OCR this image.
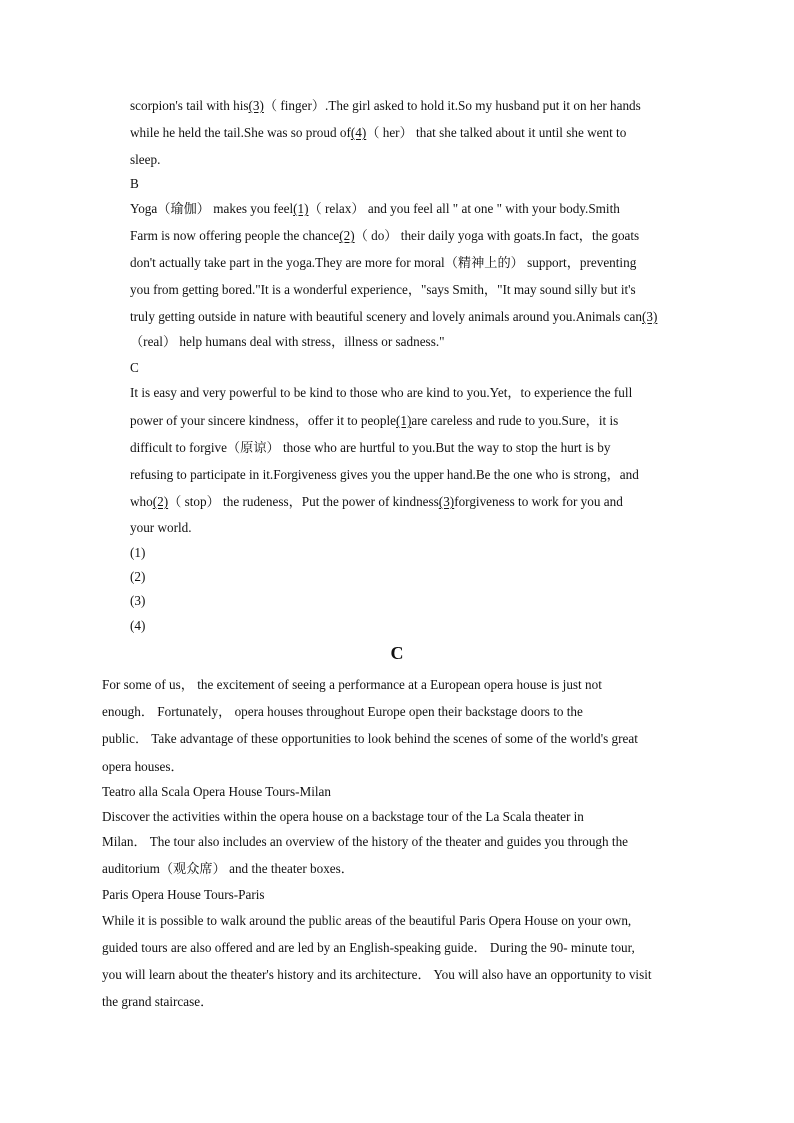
scorpion's tail with his(3)（ finger）.The girl asked to hold it.So my husband put it on her hands
while he held the tail.She was so proud of(4)（ her） that she talked about it until she went to
sleep.
B
Yoga（瑜伽） makes you feel(1)（ relax） and you feel all " at one " with your body.Smith
Farm is now offering people the chance(2)（ do） their daily yoga with goats.In fact，the goats
don't actually take part in the yoga.They are more for moral（精神上的） support，preventing
you from getting bored."It is a wonderful experience，"says Smith，"It may sound silly but it's
truly getting outside in nature with beautiful scenery and lovely animals around you.Animals can(3)
（real） help humans deal with stress，illness or sadness."
C
It is easy and very powerful to be kind to those who are kind to you.Yet，to experience the full
power of your sincere kindness，offer it to people(1)are careless and rude to you.Sure，it is
difficult to forgive（原谅） those who are hurtful to you.But the way to stop the hurt is by
refusing to participate in it.Forgiveness gives you the upper hand.Be the one who is strong，and
who(2)（ stop） the rudeness，Put the power of kindness(3)forgiveness to work for you and
your world.
(1)
(2)
(3)
(4)
C
For some of us， the excitement of seeing a performance at a European opera house is just not
enough． Fortunately， opera houses throughout Europe open their backstage doors to the
public． Take advantage of these opportunities to look behind the scenes of some of the world's great
opera houses．
Teatro alla Scala Opera House Tours-Milan
Discover the activities within the opera house on a backstage tour of the La Scala theater in
Milan． The tour also includes an overview of the history of the theater and guides you through the
auditorium（观众席） and the theater boxes．
Paris Opera House Tours-Paris
While it is possible to walk around the public areas of the beautiful Paris Opera House on your own,
guided tours are also offered and are led by an English-speaking guide． During the 90- minute tour,
you will learn about the theater's history and its architecture． You will also have an opportunity to visit
the grand staircase．
